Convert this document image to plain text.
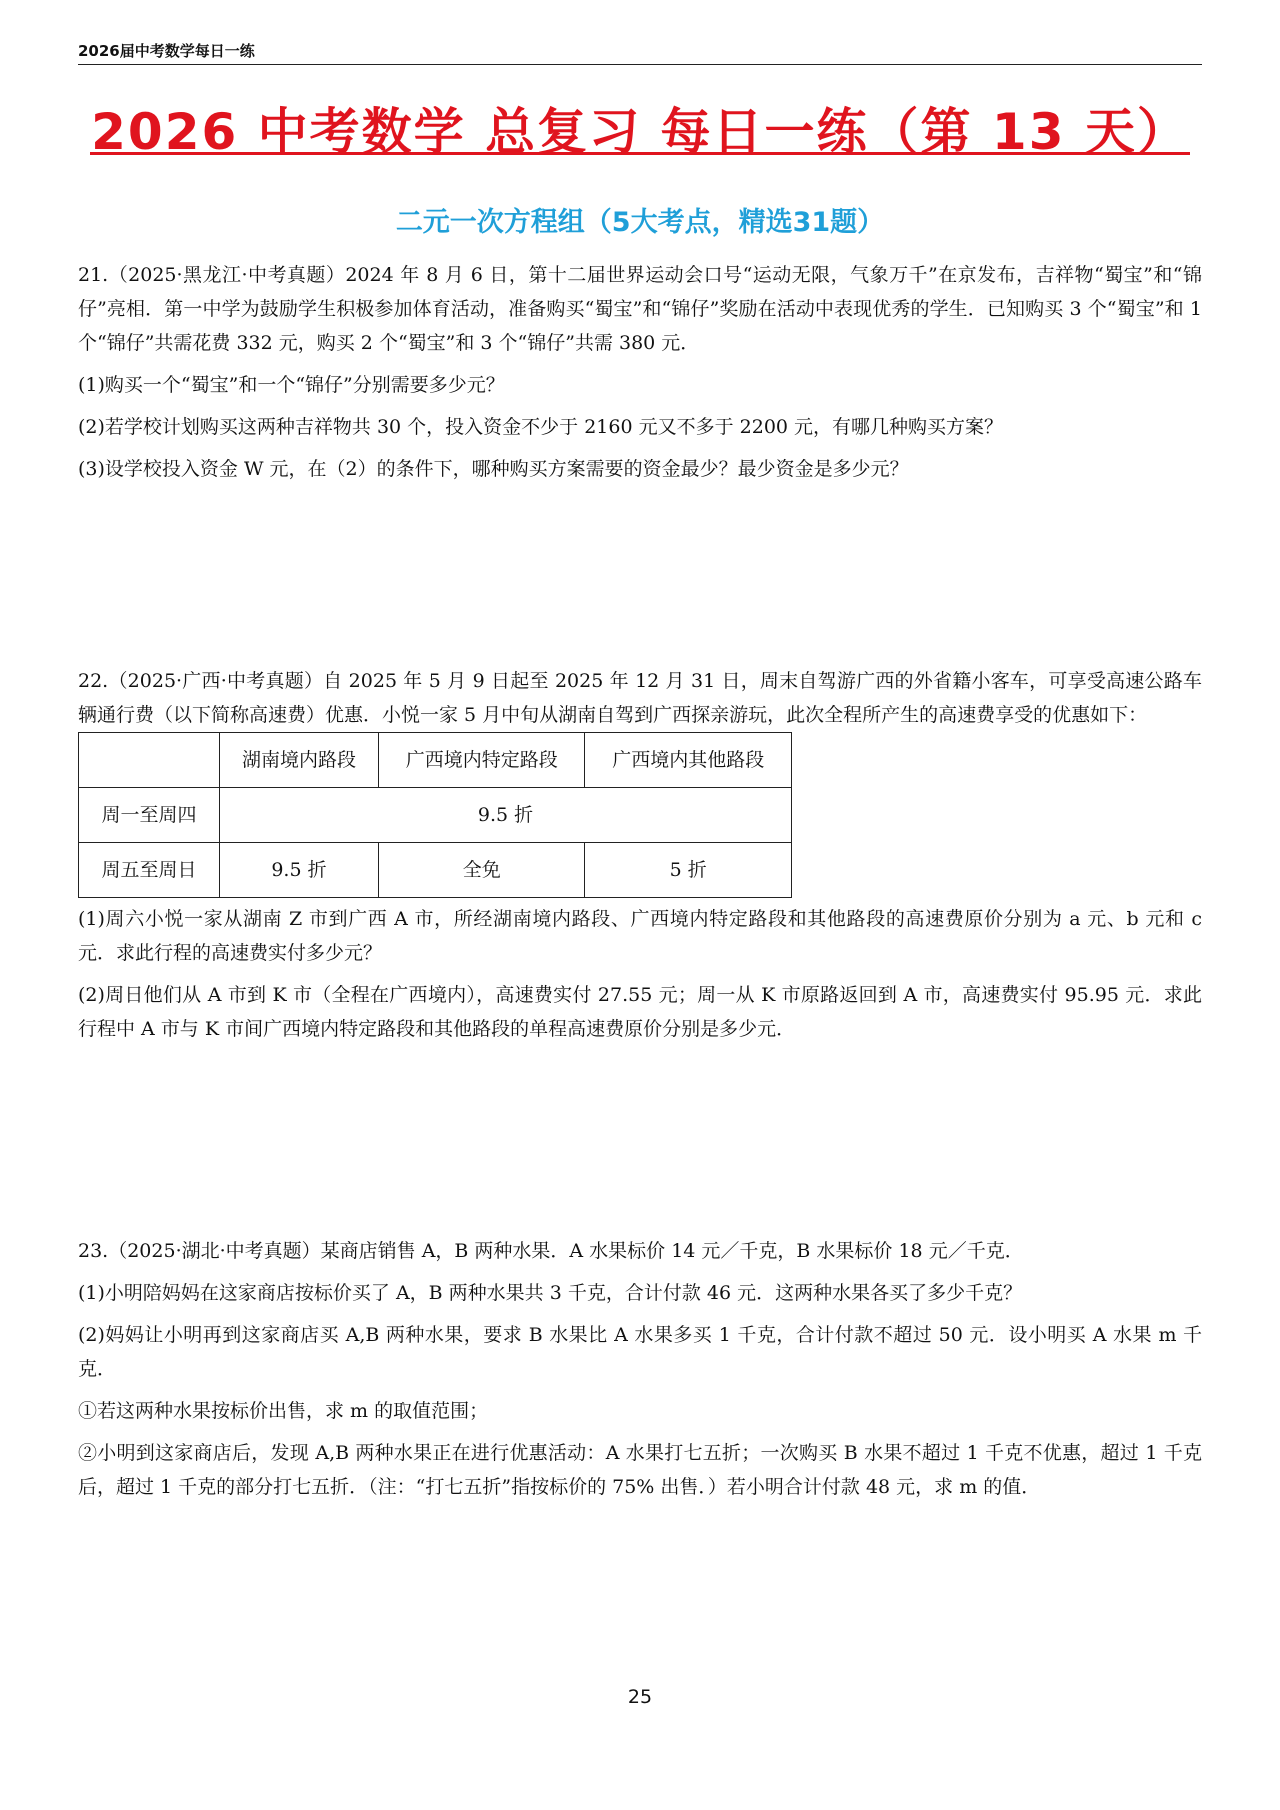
2026届中考数学每日一练
2026 中考数学 总复习 每日一练（第 13 天）
二元一次方程组（5大考点，精选31题）

21.（2025·黑龙江·中考真题）2024 年 8 月 6 日，第十二届世界运动会口号“运动无限，气象万千”在京发布，吉祥物“蜀宝”和“锦仔”亮相．第一中学为鼓励学生积极参加体育活动，准备购买“蜀宝”和“锦仔”奖励在活动中表现优秀的学生．已知购买 3 个“蜀宝”和 1 个“锦仔”共需花费 332 元，购买 2 个“蜀宝”和 3 个“锦仔”共需 380 元．

(1)购买一个“蜀宝”和一个“锦仔”分别需要多少元？

(2)若学校计划购买这两种吉祥物共 30 个，投入资金不少于 2160 元又不多于 2200 元，有哪几种购买方案？

(3)设学校投入资金 W 元，在（2）的条件下，哪种购买方案需要的资金最少？最少资金是多少元？

22.（2025·广西·中考真题）自 2025 年 5 月 9 日起至 2025 年 12 月 31 日，周末自驾游广西的外省籍小客车，可享受高速公路车辆通行费（以下简称高速费）优惠．小悦一家 5 月中旬从湖南自驾到广西探亲游玩，此次全程所产生的高速费享受的优惠如下：

	湖南境内路段	广西境内特定路段	广西境内其他路段
周一至周四	9.5 折		
周五至周日	9.5 折	全免	5 折

(1)周六小悦一家从湖南 Z 市到广西 A 市，所经湖南境内路段、广西境内特定路段和其他路段的高速费原价分别为 a 元、b 元和 c 元．求此行程的高速费实付多少元？

(2)周日他们从 A 市到 K 市（全程在广西境内），高速费实付 27.55 元；周一从 K 市原路返回到 A 市，高速费实付 95.95 元．求此行程中 A 市与 K 市间广西境内特定路段和其他路段的单程高速费原价分别是多少元．

23.（2025·湖北·中考真题）某商店销售 A，B 两种水果．A 水果标价 14 元／千克，B 水果标价 18 元／千克．

(1)小明陪妈妈在这家商店按标价买了 A，B 两种水果共 3 千克，合计付款 46 元．这两种水果各买了多少千克？

(2)妈妈让小明再到这家商店买 A,B 两种水果，要求 B 水果比 A 水果多买 1 千克，合计付款不超过 50 元．设小明买 A 水果 m 千克．

①若这两种水果按标价出售，求 m 的取值范围；

②小明到这家商店后，发现 A,B 两种水果正在进行优惠活动：A 水果打七五折；一次购买 B 水果不超过 1 千克不优惠，超过 1 千克后，超过 1 千克的部分打七五折．（注：“打七五折”指按标价的 75% 出售．）若小明合计付款 48 元，求 m 的值．

25
